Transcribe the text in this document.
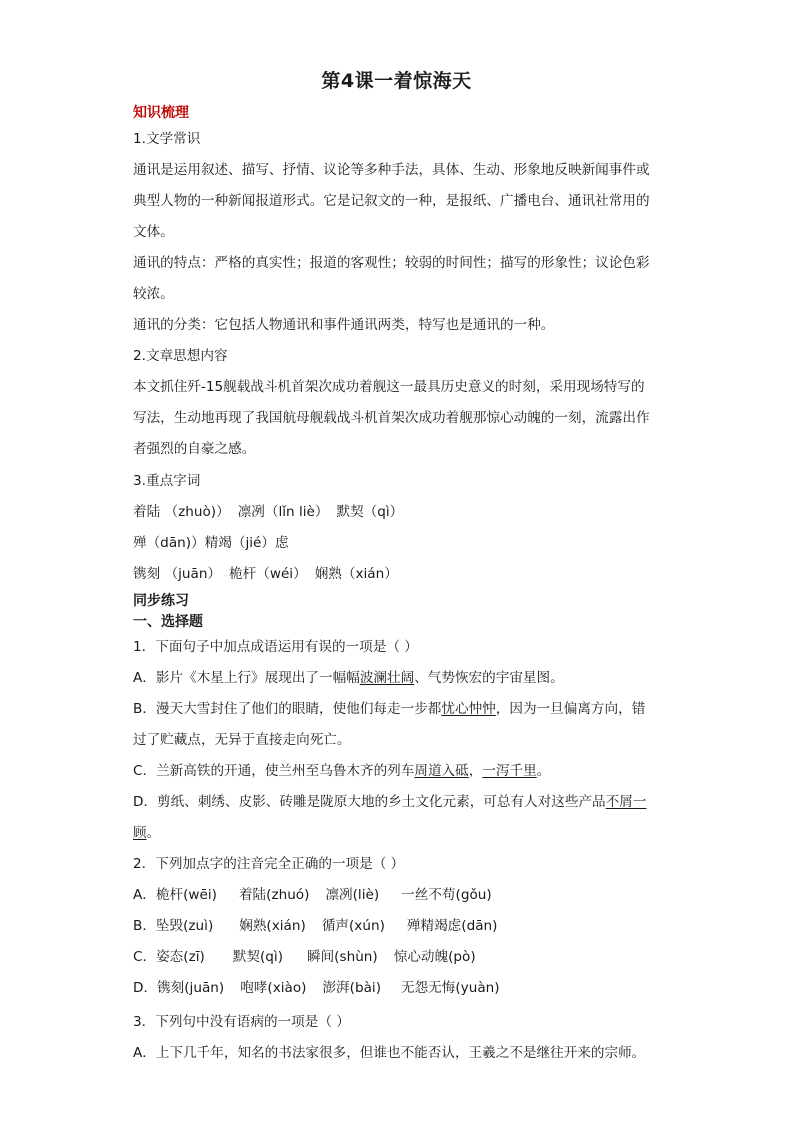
第4课一着惊海天
知识梳理
1.文学常识
通讯是运用叙述、描写、抒情、议论等多种手法，具体、生动、形象地反映新闻事件或
典型人物的一种新闻报道形式。它是记叙文的一种，是报纸、广播电台、通讯社常用的
文体。
通讯的特点：严格的真实性；报道的客观性；较弱的时间性；描写的形象性；议论色彩
较浓。
通讯的分类：它包括人物通讯和事件通讯两类，特写也是通讯的一种。
2.文章思想内容
本文抓住歼-15舰载战斗机首架次成功着舰这一最具历史意义的时刻，采用现场特写的
写法，生动地再现了我国航母舰载战斗机首架次成功着舰那惊心动魄的一刻，流露出作
者强烈的自豪之感。
3.重点字词
着陆 （zhuò)） 凛冽（lǐn liè） 默契（qì）
殚（dān)）精竭（jié）虑
镌刻 （juān） 桅杆（wéi） 娴熟（xián）
同步练习
一、选择题
1．下面句子中加点成语运用有误的一项是（ ）
A．影片《木星上行》展现出了一幅幅波澜壮阔、气势恢宏的宇宙星图。
B．漫天大雪封住了他们的眼睛，使他们每走一步都忧心忡忡，因为一旦偏离方向，错
过了贮藏点，无异于直接走向死亡。
C．兰新高铁的开通，使兰州至乌鲁木齐的列车周道入砥，一泻千里。
D．剪纸、刺绣、皮影、砖雕是陇原大地的乡土文化元素，可总有人对这些产品不屑一
顾。
2．下列加点字的注音完全正确的一项是（ ）
A．桅杆(wēi) 着陆(zhuó) 凛冽(liè) 一丝不苟(gǒu)
B．坠毁(zuì) 娴熟(xián) 循声(xún) 殚精竭虑(dān)
C．姿态(zī) 默契(qì) 瞬间(shùn) 惊心动魄(pò)
D．镌刻(juān) 咆哮(xiào) 澎湃(bài) 无怨无悔(yuàn)
3．下列句中没有语病的一项是（ ）
A．上下几千年，知名的书法家很多，但谁也不能否认，王羲之不是继往开来的宗师。
